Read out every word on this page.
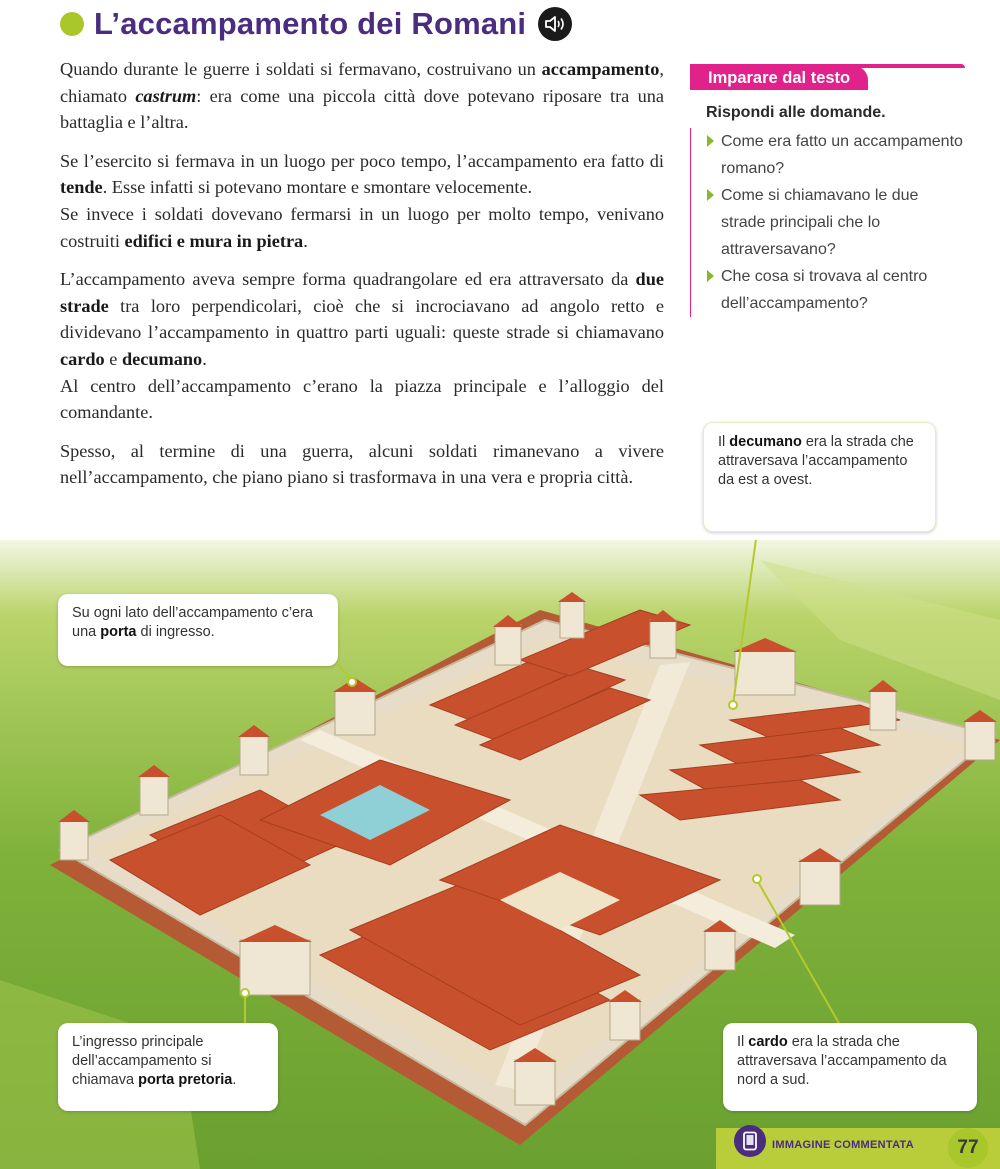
L’accampamento dei Romani

Quando durante le guerre i soldati si fermavano, costruivano un accampamento, chiamato castrum: era come una piccola città dove potevano riposare tra una battaglia e l’altra.

Se l’esercito si fermava in un luogo per poco tempo, l’accampamento era fatto di tende. Esse infatti si potevano montare e smontare velocemente.

Se invece i soldati dovevano fermarsi in un luogo per molto tempo, venivano costruiti edifici e mura in pietra.

L’accampamento aveva sempre forma quadrangolare ed era attraversato da due strade tra loro perpendicolari, cioè che si incrociavano ad angolo retto e dividevano l’accampamento in quattro parti uguali: queste strade si chiamavano cardo e decumano.

Al centro dell’accampamento c’erano la piazza principale e l’alloggio del comandante.

Spesso, al termine di una guerra, alcuni soldati rimanevano a vivere nell’accampamento, che piano piano si trasformava in una vera e propria città.

Imparare dal testo
Rispondi alle domande.
Come era fatto un accampamento romano?
Come si chiamavano le due strade principali che lo attraversavano?
Che cosa si trovava al centro dell’accampamento?
Su ogni lato dell’accampamento c’era una porta di ingresso.
Il decumano era la strada che attraversava l’accampamento da est a ovest.
L’ingresso principale dell’accampamento si chiamava porta pretoria.
Il cardo era la strada che attraversava l’accampamento da nord a sud.
IMMAGINE COMMENTATA	77
